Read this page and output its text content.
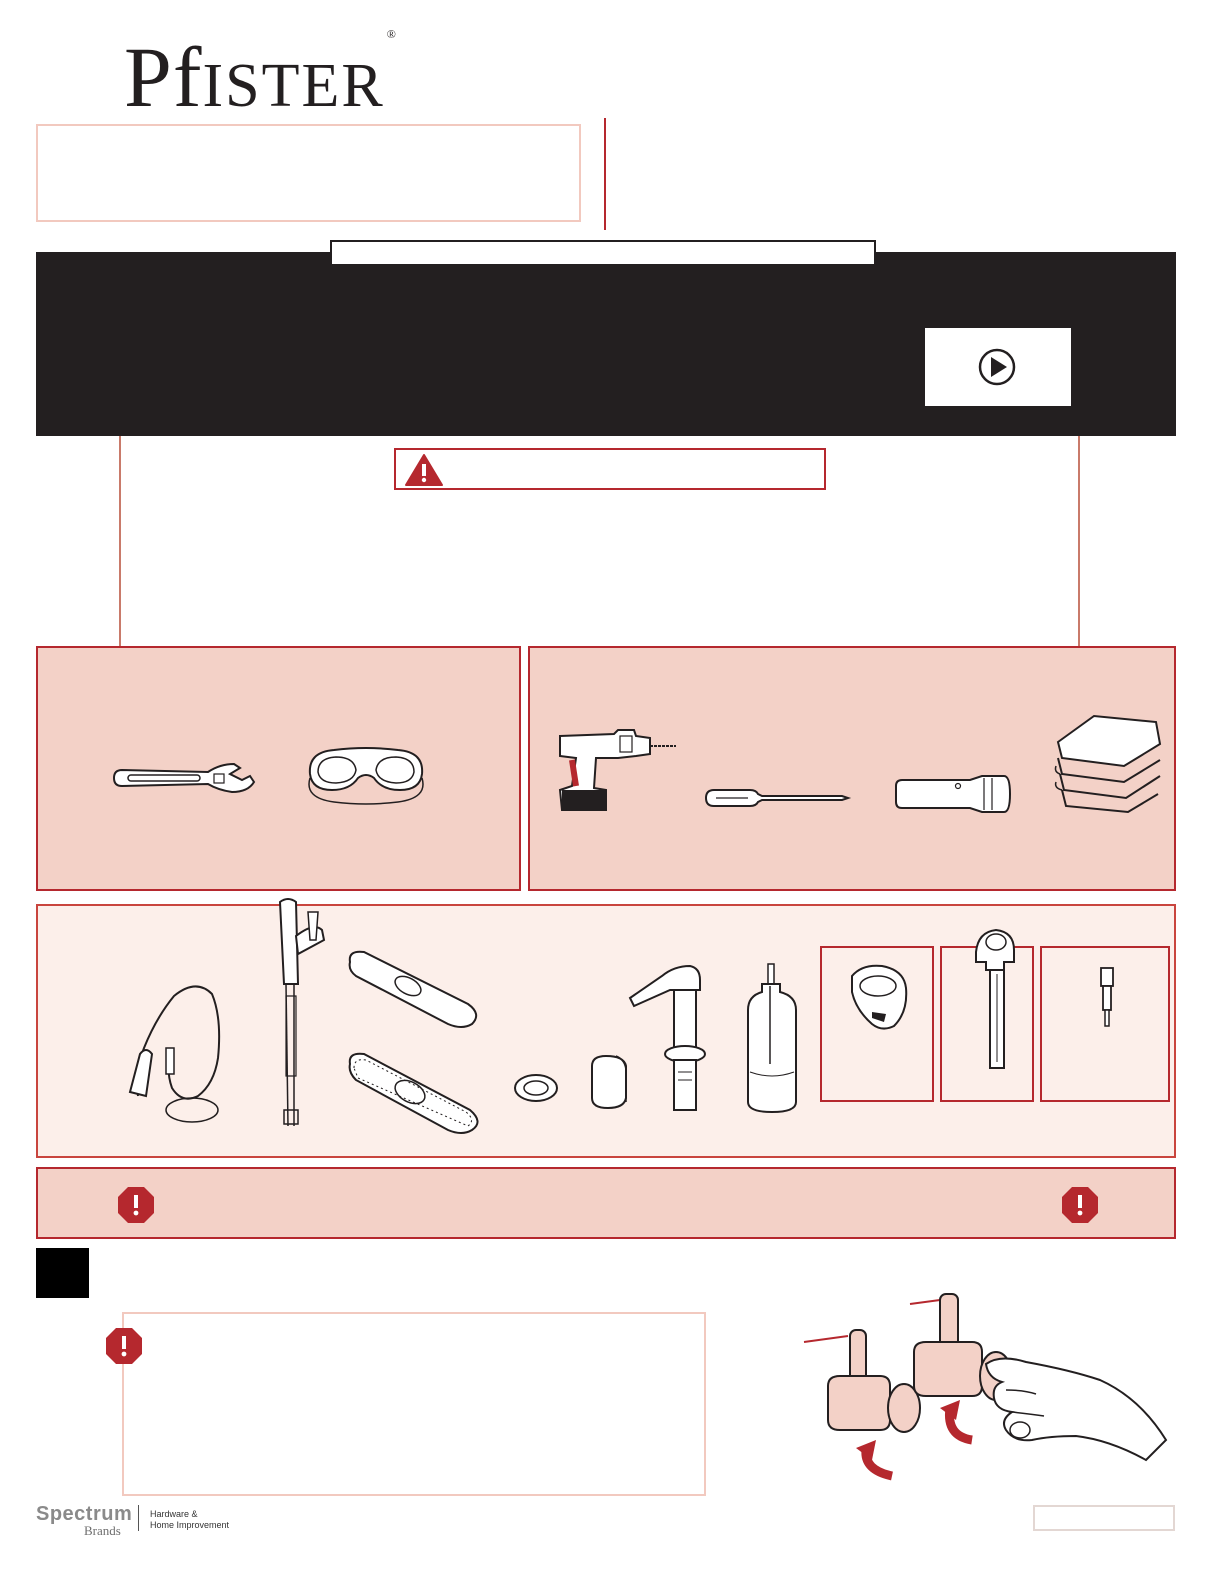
PfISTER®
Spectrum
Brands
Hardware &
Home Improvement
